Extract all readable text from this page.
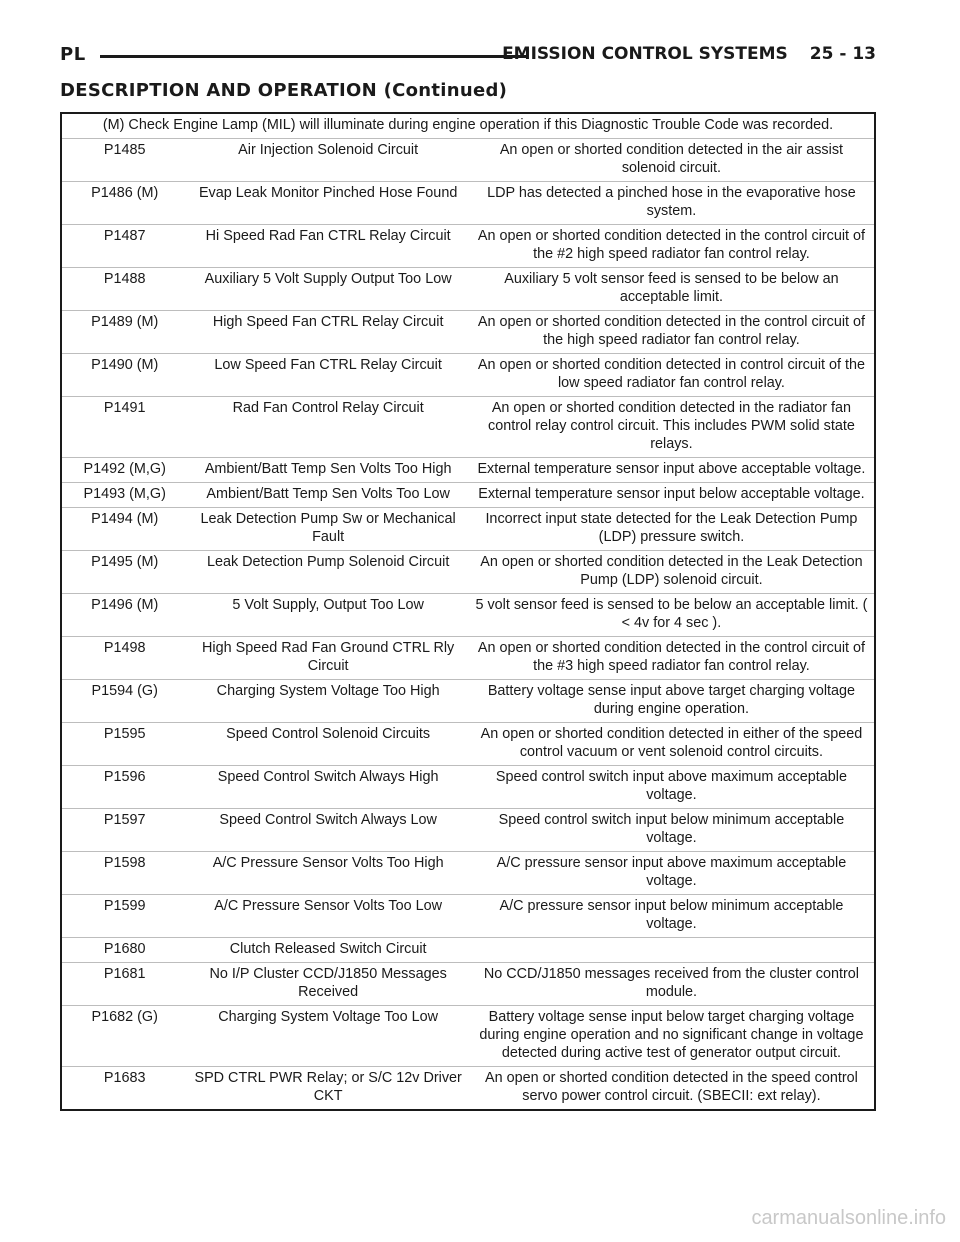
PL	EMISSION CONTROL SYSTEMS 25 - 13
DESCRIPTION AND OPERATION (Continued)
(M) Check Engine Lamp (MIL) will illuminate during engine operation if this Diagnostic Trouble Code was recorded.		
P1485	Air Injection Solenoid Circuit	An open or shorted condition detected in the air assist solenoid circuit.
P1486 (M)	Evap Leak Monitor Pinched Hose Found	LDP has detected a pinched hose in the evaporative hose system.
P1487	Hi Speed Rad Fan CTRL Relay Circuit	An open or shorted condition detected in the control circuit of the #2 high speed radiator fan control relay.
P1488	Auxiliary 5 Volt Supply Output Too Low	Auxiliary 5 volt sensor feed is sensed to be below an acceptable limit.
P1489 (M)	High Speed Fan CTRL Relay Circuit	An open or shorted condition detected in the control circuit of the high speed radiator fan control relay.
P1490 (M)	Low Speed Fan CTRL Relay Circuit	An open or shorted condition detected in control circuit of the low speed radiator fan control relay.
P1491	Rad Fan Control Relay Circuit	An open or shorted condition detected in the radiator fan control relay control circuit. This includes PWM solid state relays.
P1492 (M,G)	Ambient/Batt Temp Sen Volts Too High	External temperature sensor input above acceptable voltage.
P1493 (M,G)	Ambient/Batt Temp Sen Volts Too Low	External temperature sensor input below acceptable voltage.
P1494 (M)	Leak Detection Pump Sw or Mechanical Fault	Incorrect input state detected for the Leak Detection Pump (LDP) pressure switch.
P1495 (M)	Leak Detection Pump Solenoid Circuit	An open or shorted condition detected in the Leak Detection Pump (LDP) solenoid circuit.
P1496 (M)	5 Volt Supply, Output Too Low	5 volt sensor feed is sensed to be below an acceptable limit. ( < 4v for 4 sec ).
P1498	High Speed Rad Fan Ground CTRL Rly Circuit	An open or shorted condition detected in the control circuit of the #3 high speed radiator fan control relay.
P1594 (G)	Charging System Voltage Too High	Battery voltage sense input above target charging voltage during engine operation.
P1595	Speed Control Solenoid Circuits	An open or shorted condition detected in either of the speed control vacuum or vent solenoid control circuits.
P1596	Speed Control Switch Always High	Speed control switch input above maximum acceptable voltage.
P1597	Speed Control Switch Always Low	Speed control switch input below minimum acceptable voltage.
P1598	A/C Pressure Sensor Volts Too High	A/C pressure sensor input above maximum acceptable voltage.
P1599	A/C Pressure Sensor Volts Too Low	A/C pressure sensor input below minimum acceptable voltage.
P1680	Clutch Released Switch Circuit	
P1681	No I/P Cluster CCD/J1850 Messages Received	No CCD/J1850 messages received from the cluster control module.
P1682 (G)	Charging System Voltage Too Low	Battery voltage sense input below target charging voltage during engine operation and no significant change in voltage detected during active test of generator output circuit.
P1683	SPD CTRL PWR Relay; or S/C 12v Driver CKT	An open or shorted condition detected in the speed control servo power control circuit. (SBECII: ext relay).
carmanualsonline.info
